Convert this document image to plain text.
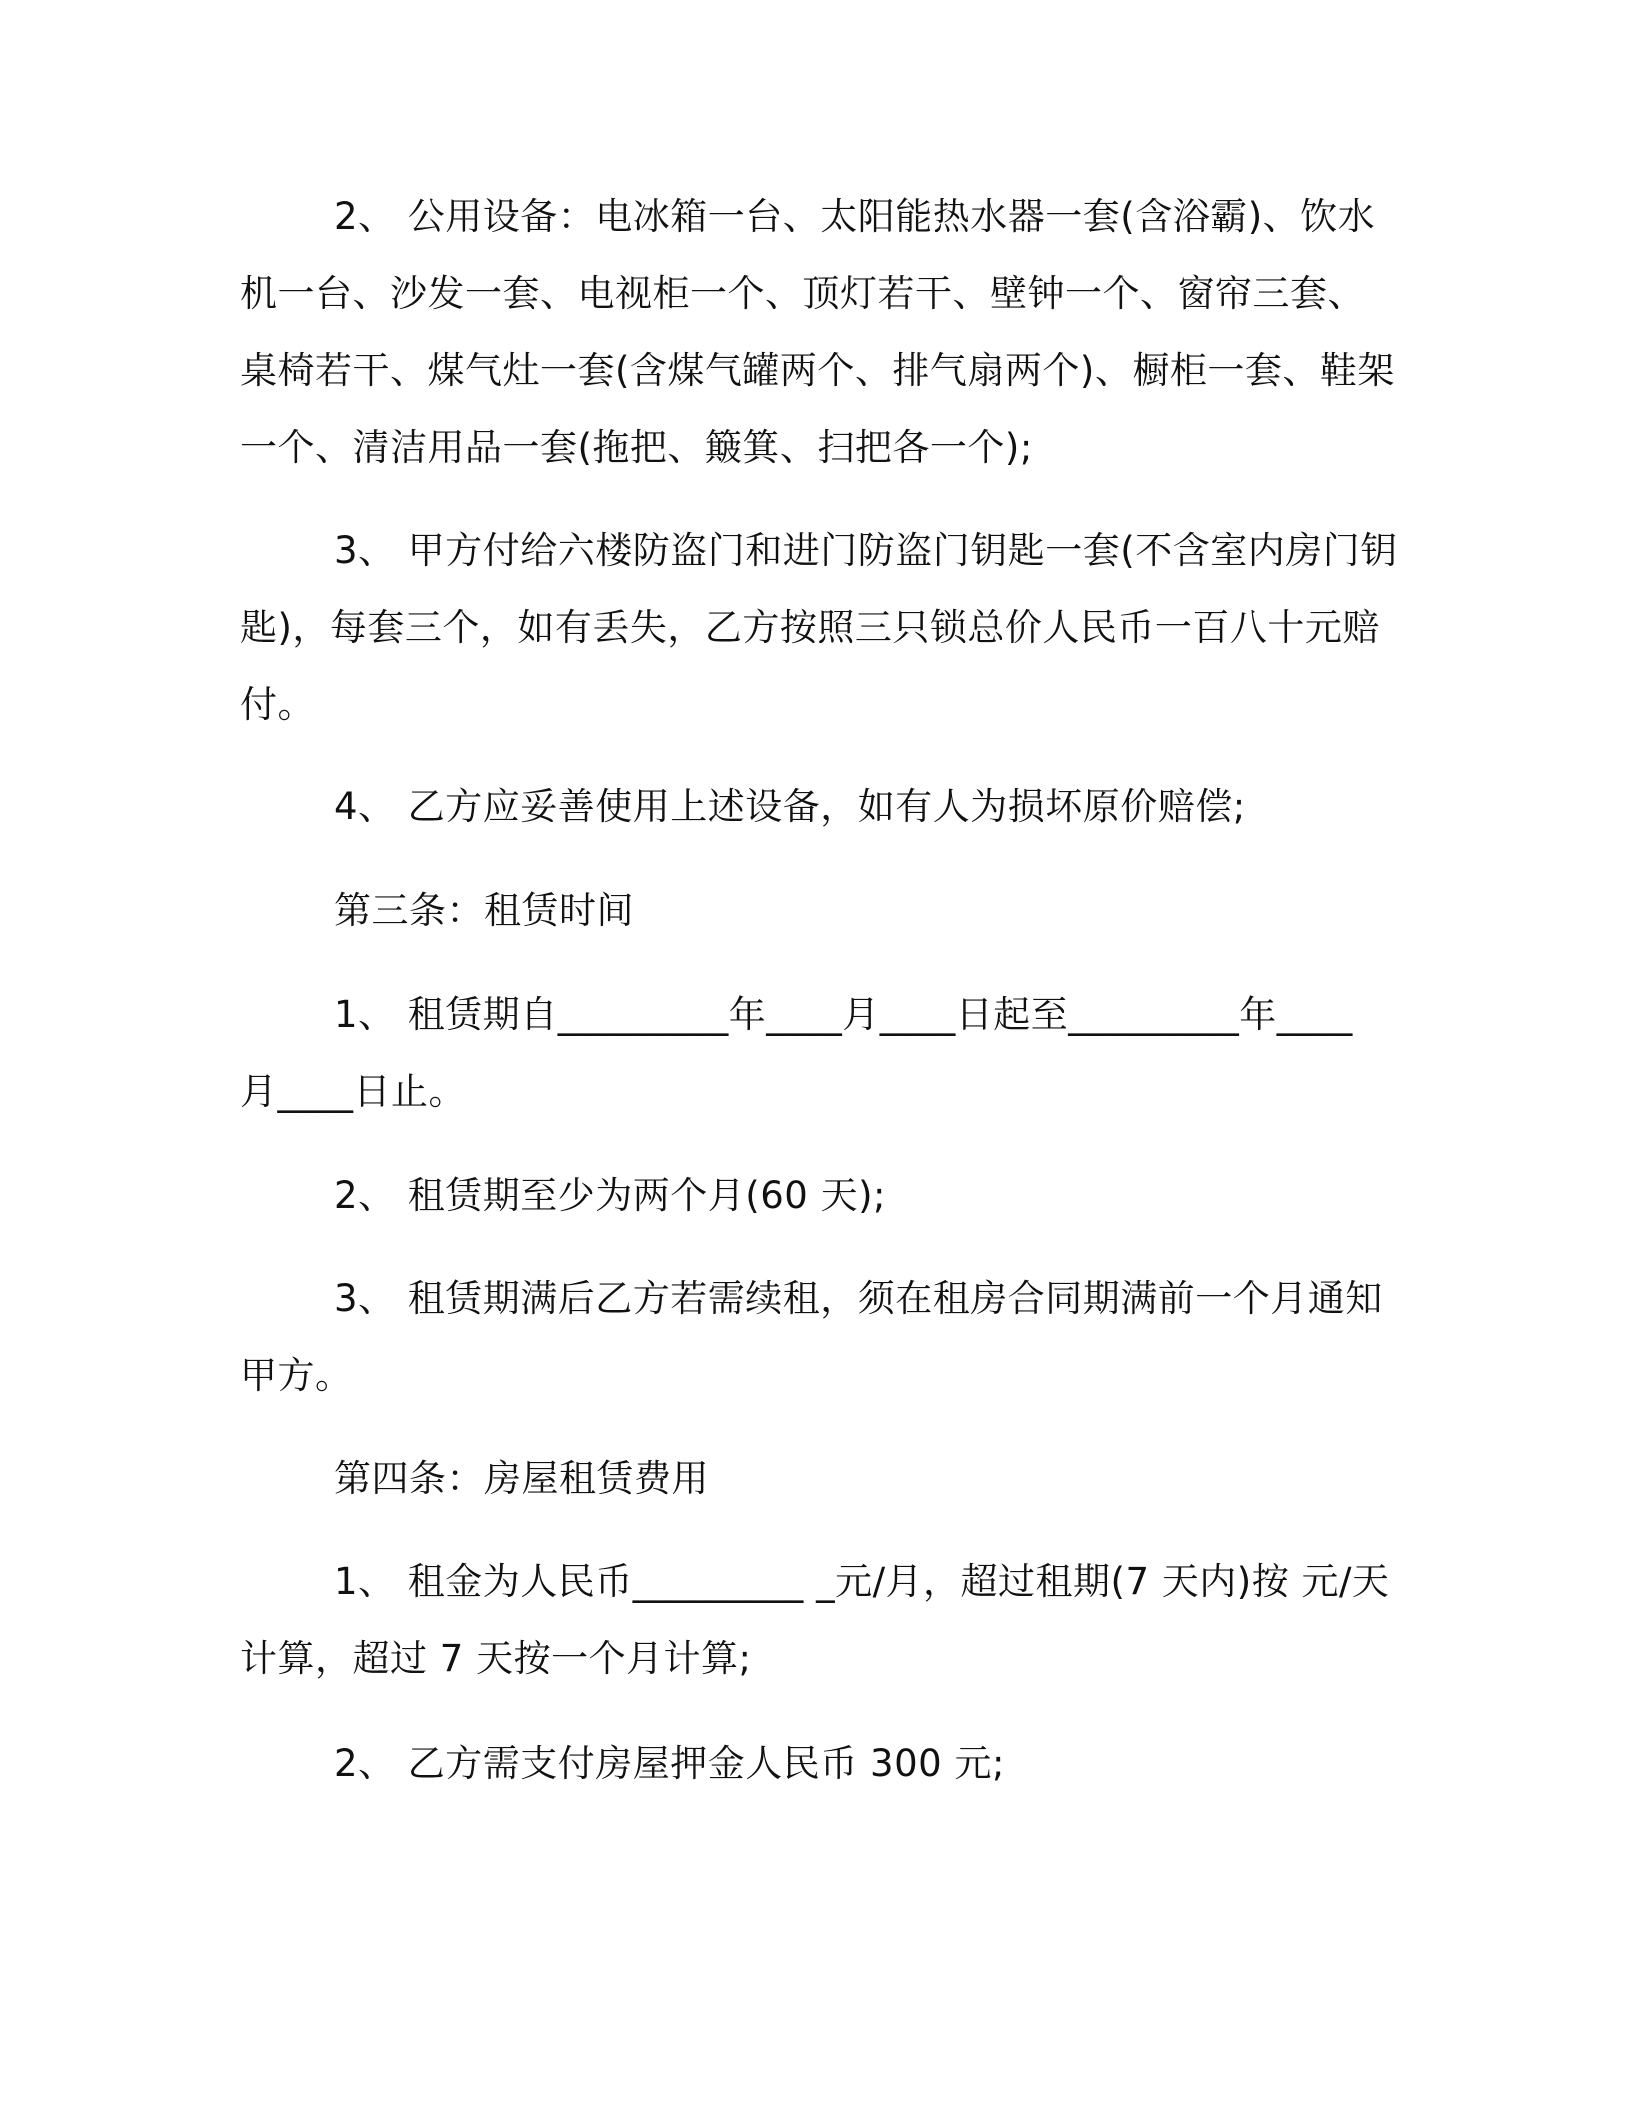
2、 公用设备：电冰箱一台、太阳能热水器一套(含浴霸)、饮水
机一台、沙发一套、电视柜一个、顶灯若干、壁钟一个、窗帘三套、
桌椅若干、煤气灶一套(含煤气罐两个、排气扇两个)、橱柜一套、鞋架
一个、清洁用品一套(拖把、簸箕、扫把各一个);
3、 甲方付给六楼防盗门和进门防盗门钥匙一套(不含室内房门钥
匙)，每套三个，如有丢失，乙方按照三只锁总价人民币一百八十元赔
付。
4、 乙方应妥善使用上述设备，如有人为损坏原价赔偿;
第三条：租赁时间
1、 租赁期自_________年____月____日起至_________年____
月____日止。
2、 租赁期至少为两个月(60 天);
3、 租赁期满后乙方若需续租，须在租房合同期满前一个月通知
甲方。
第四条：房屋租赁费用
1、 租金为人民币_________ _元/月，超过租期(7 天内)按 元/天
计算，超过 7 天按一个月计算;
2、 乙方需支付房屋押金人民币 300 元;
